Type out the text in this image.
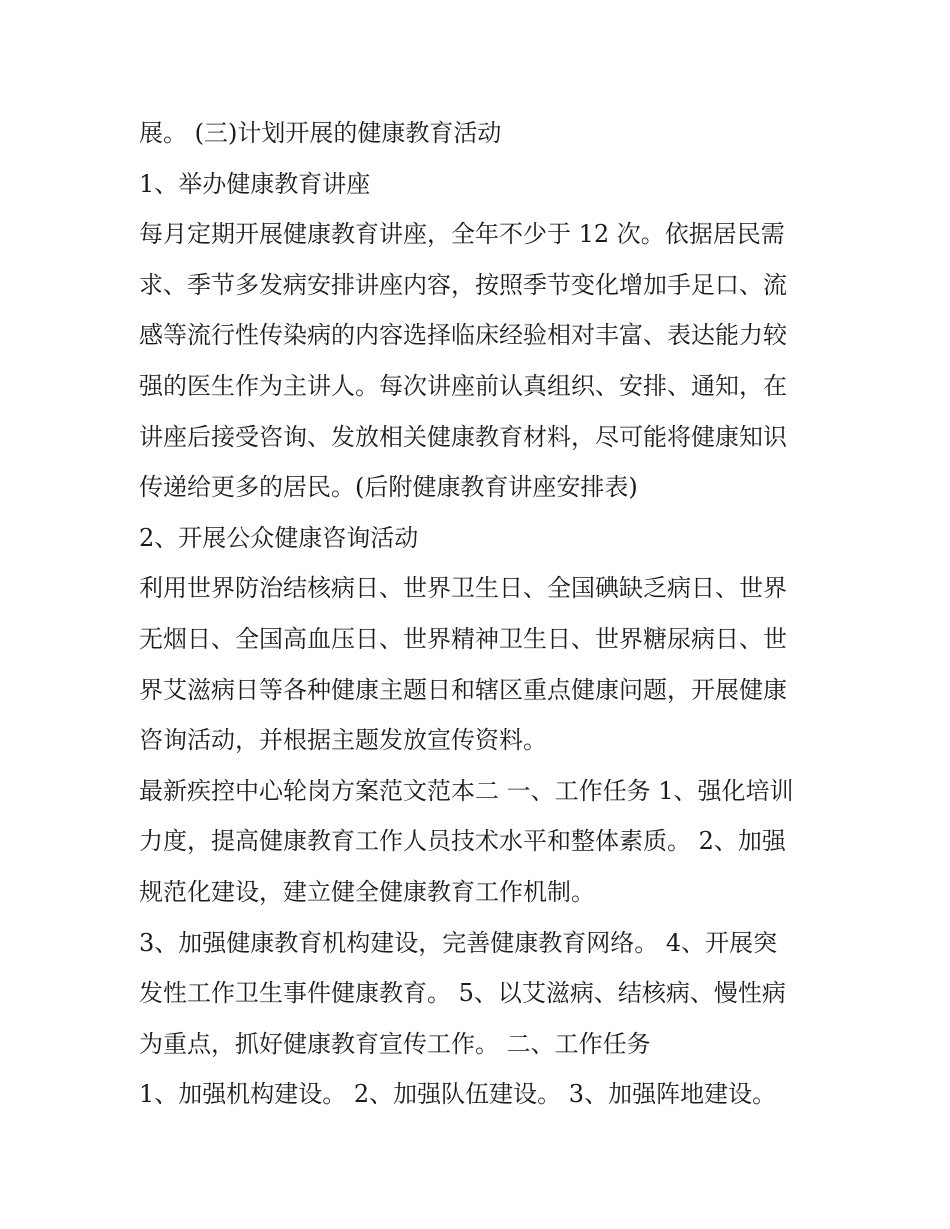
展。 (三)计划开展的健康教育活动
1、举办健康教育讲座
每月定期开展健康教育讲座，全年不少于 12 次。依据居民需
求、季节多发病安排讲座内容，按照季节变化增加手足口、流
感等流行性传染病的内容选择临床经验相对丰富、表达能力较
强的医生作为主讲人。每次讲座前认真组织、安排、通知，在
讲座后接受咨询、发放相关健康教育材料，尽可能将健康知识
传递给更多的居民。(后附健康教育讲座安排表)
2、开展公众健康咨询活动
利用世界防治结核病日、世界卫生日、全国碘缺乏病日、世界
无烟日、全国高血压日、世界精神卫生日、世界糖尿病日、世
界艾滋病日等各种健康主题日和辖区重点健康问题，开展健康
咨询活动，并根据主题发放宣传资料。
最新疾控中心轮岗方案范文范本二 一、工作任务 1、强化培训
力度，提高健康教育工作人员技术水平和整体素质。 2、加强
规范化建设，建立健全健康教育工作机制。
3、加强健康教育机构建设，完善健康教育网络。 4、开展突
发性工作卫生事件健康教育。 5、以艾滋病、结核病、慢性病
为重点，抓好健康教育宣传工作。 二、工作任务
1、加强机构建设。 2、加强队伍建设。 3、加强阵地建设。
